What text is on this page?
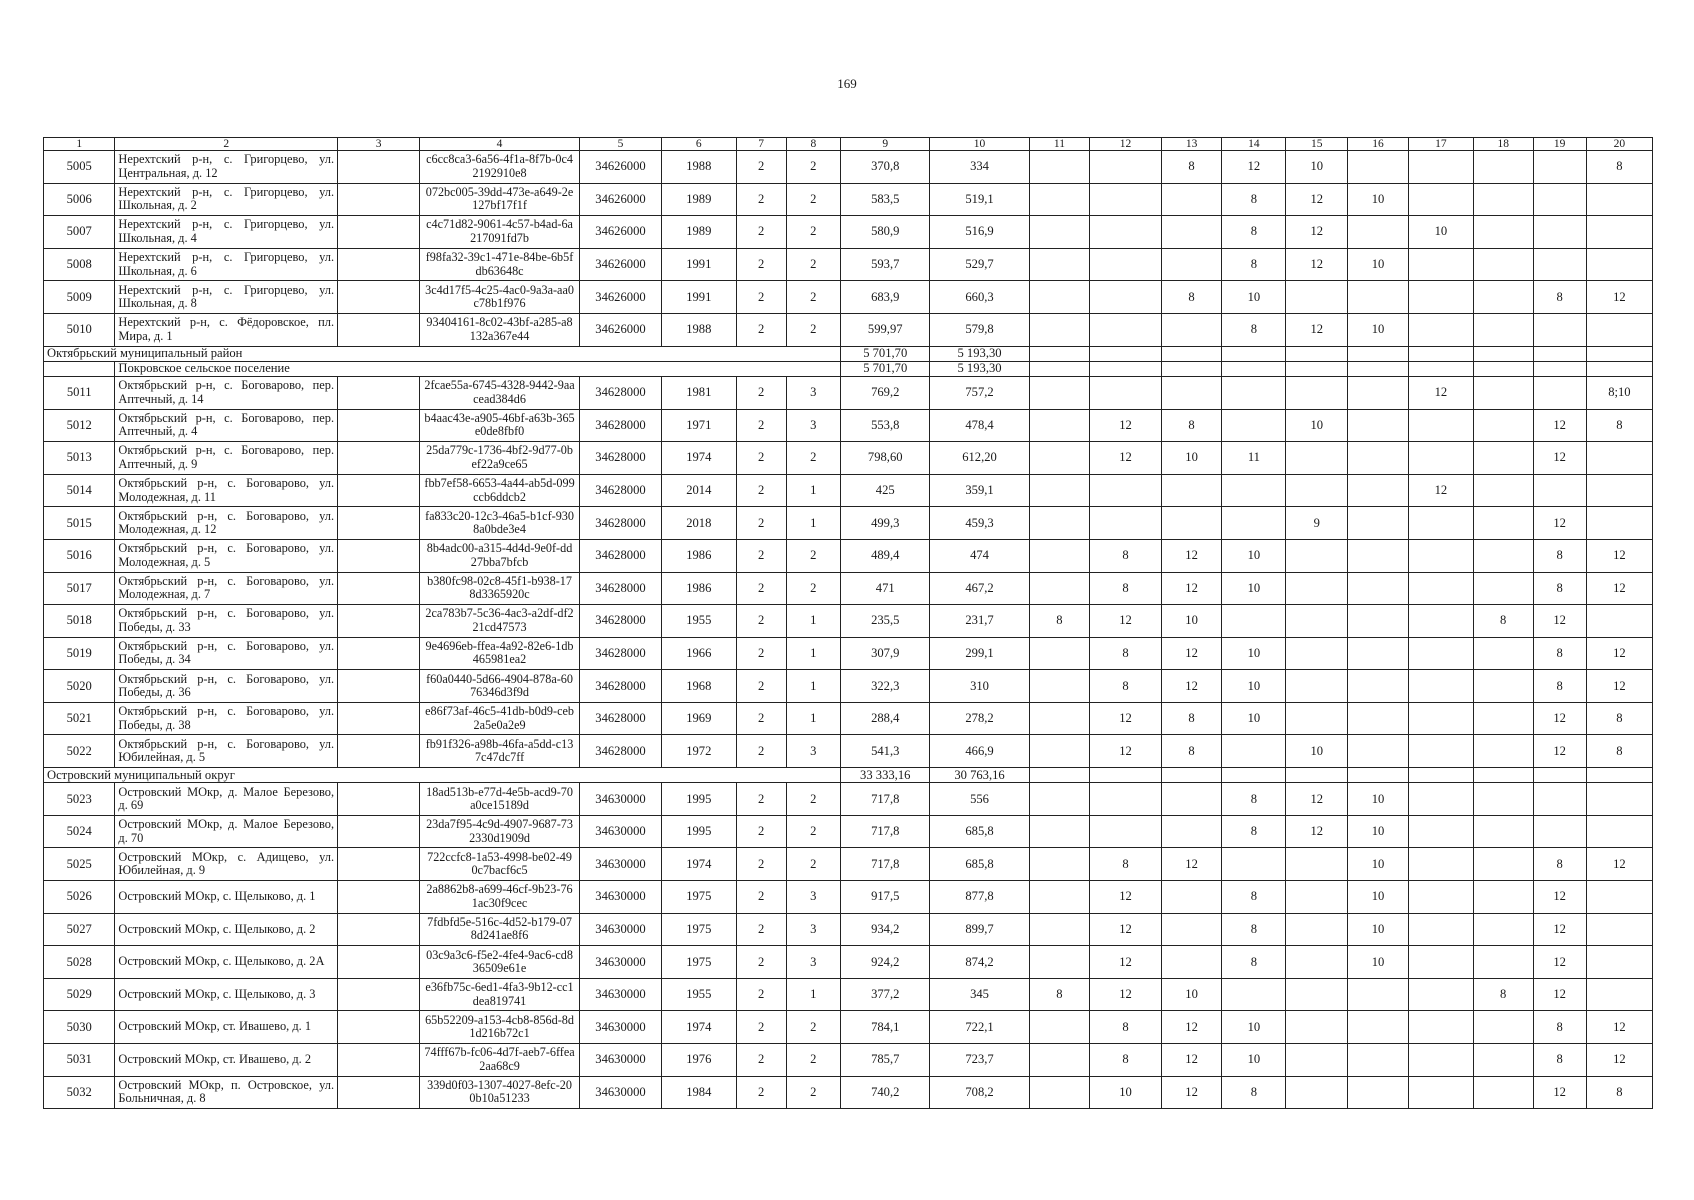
169
1	2	3	4	5	6	7	8	9	10	11	12	13	14	15	16	17	18	19	20
5005	Нерехтский р-н, с. Григорцево, ул. Центральная, д. 12		c6cc8ca3-6a56-4f1a-8f7b-0c42192910e8	34626000	1988	2	2	370,8	334			8	12	10					8
5006	Нерехтский р-н, с. Григорцево, ул. Школьная, д. 2		072bc005-39dd-473e-a649-2e127bf17f1f	34626000	1989	2	2	583,5	519,1				8	12	10				
5007	Нерехтский р-н, с. Григорцево, ул. Школьная, д. 4		c4c71d82-9061-4c57-b4ad-6a217091fd7b	34626000	1989	2	2	580,9	516,9				8	12		10			
5008	Нерехтский р-н, с. Григорцево, ул. Школьная, д. 6		f98fa32-39c1-471e-84be-6b5fdb63648c	34626000	1991	2	2	593,7	529,7				8	12	10				
5009	Нерехтский р-н, с. Григорцево, ул. Школьная, д. 8		3c4d17f5-4c25-4ac0-9a3a-aa0c78b1f976	34626000	1991	2	2	683,9	660,3			8	10					8	12
5010	Нерехтский р-н, с. Фёдоровское, пл. Мира, д. 1		93404161-8c02-43bf-a285-a8132a367e44	34626000	1988	2	2	599,97	579,8				8	12	10				
Октябрьский муниципальный район								5 701,70	5 193,30										
	Покровское сельское поселение							5 701,70	5 193,30										
5011	Октябрьский р-н, с. Боговарово, пер. Аптечный, д. 14		2fcae55a-6745-4328-9442-9aacead384d6	34628000	1981	2	3	769,2	757,2							12			8;10
5012	Октябрьский р-н, с. Боговарово, пер. Аптечный, д. 4		b4aac43e-a905-46bf-a63b-365e0de8fbf0	34628000	1971	2	3	553,8	478,4		12	8		10				12	8
5013	Октябрьский р-н, с. Боговарово, пер. Аптечный, д. 9		25da779c-1736-4bf2-9d77-0bef22a9ce65	34628000	1974	2	2	798,60	612,20		12	10	11					12	
5014	Октябрьский р-н, с. Боговарово, ул. Молодежная, д. 11		fbb7ef58-6653-4a44-ab5d-099ccb6ddcb2	34628000	2014	2	1	425	359,1							12			
5015	Октябрьский р-н, с. Боговарово, ул. Молодежная, д. 12		fa833c20-12c3-46a5-b1cf-9308a0bde3e4	34628000	2018	2	1	499,3	459,3					9				12	
5016	Октябрьский р-н, с. Боговарово, ул. Молодежная, д. 5		8b4adc00-a315-4d4d-9e0f-dd27bba7bfcb	34628000	1986	2	2	489,4	474		8	12	10					8	12
5017	Октябрьский р-н, с. Боговарово, ул. Молодежная, д. 7		b380fc98-02c8-45f1-b938-178d3365920c	34628000	1986	2	2	471	467,2		8	12	10					8	12
5018	Октябрьский р-н, с. Боговарово, ул. Победы, д. 33		2ca783b7-5c36-4ac3-a2df-df221cd47573	34628000	1955	2	1	235,5	231,7	8	12	10					8	12	
5019	Октябрьский р-н, с. Боговарово, ул. Победы, д. 34		9e4696eb-ffea-4a92-82e6-1db465981ea2	34628000	1966	2	1	307,9	299,1		8	12	10					8	12
5020	Октябрьский р-н, с. Боговарово, ул. Победы, д. 36		f60a0440-5d66-4904-878a-6076346d3f9d	34628000	1968	2	1	322,3	310		8	12	10					8	12
5021	Октябрьский р-н, с. Боговарово, ул. Победы, д. 38		e86f73af-46c5-41db-b0d9-ceb2a5e0a2e9	34628000	1969	2	1	288,4	278,2		12	8	10					12	8
5022	Октябрьский р-н, с. Боговарово, ул. Юбилейная, д. 5		fb91f326-a98b-46fa-a5dd-c137c47dc7ff	34628000	1972	2	3	541,3	466,9		12	8		10				12	8
Островский муниципальный округ								33 333,16	30 763,16										
5023	Островский МОкр, д. Малое Березово, д. 69		18ad513b-e77d-4e5b-acd9-70a0ce15189d	34630000	1995	2	2	717,8	556				8	12	10				
5024	Островский МОкр, д. Малое Березово, д. 70		23da7f95-4c9d-4907-9687-732330d1909d	34630000	1995	2	2	717,8	685,8				8	12	10				
5025	Островский МОкр, с. Адищево, ул. Юбилейная, д. 9		722ccfc8-1a53-4998-be02-490c7bacf6c5	34630000	1974	2	2	717,8	685,8		8	12			10			8	12
5026	Островский МОкр, с. Щелыково, д. 1		2a8862b8-a699-46cf-9b23-761ac30f9cec	34630000	1975	2	3	917,5	877,8		12		8		10			12	
5027	Островский МОкр, с. Щелыково, д. 2		7fdbfd5e-516c-4d52-b179-078d241ae8f6	34630000	1975	2	3	934,2	899,7		12		8		10			12	
5028	Островский МОкр, с. Щелыково, д. 2А		03c9a3c6-f5e2-4fe4-9ac6-cd836509e61e	34630000	1975	2	3	924,2	874,2		12		8		10			12	
5029	Островский МОкр, с. Щелыково, д. 3		e36fb75c-6ed1-4fa3-9b12-cc1dea819741	34630000	1955	2	1	377,2	345	8	12	10					8	12	
5030	Островский МОкр, ст. Ивашево, д. 1		65b52209-a153-4cb8-856d-8d1d216b72c1	34630000	1974	2	2	784,1	722,1		8	12	10					8	12
5031	Островский МОкр, ст. Ивашево, д. 2		74fff67b-fc06-4d7f-aeb7-6ffea2aa68c9	34630000	1976	2	2	785,7	723,7		8	12	10					8	12
5032	Островский МОкр, п. Островское, ул. Больничная, д. 8		339d0f03-1307-4027-8efc-200b10a51233	34630000	1984	2	2	740,2	708,2		10	12	8					12	8
